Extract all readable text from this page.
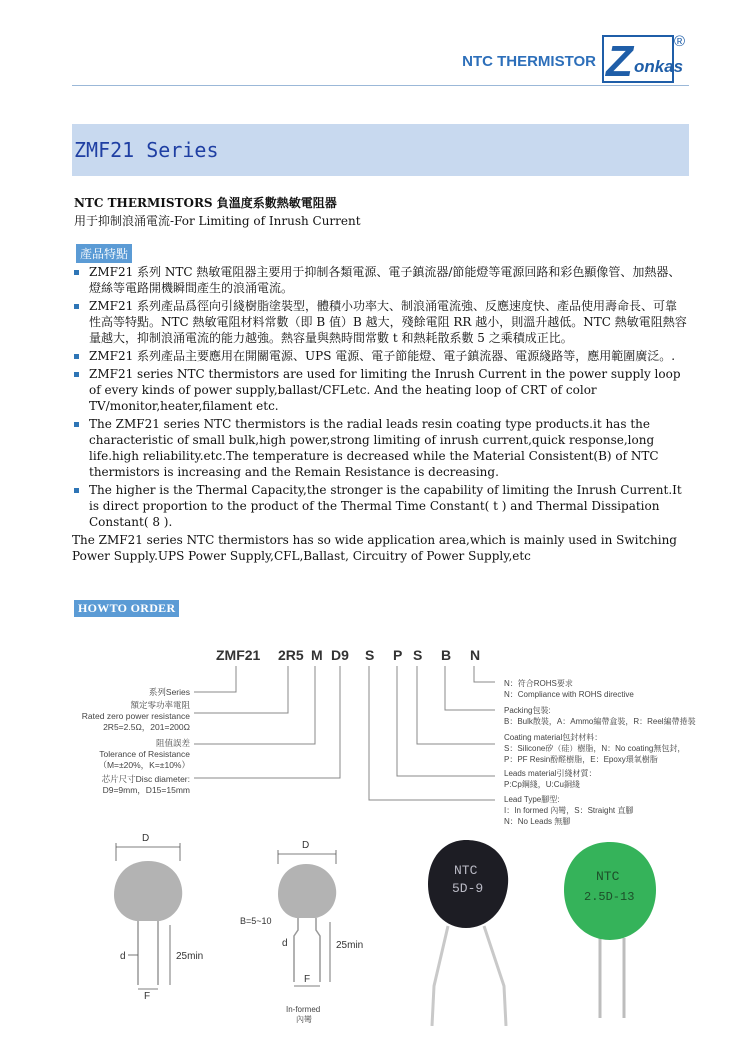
NTC THERMISTOR Z onkas
®
ZMF21 Series
NTC THERMISTORS 負溫度系數熱敏電阻器
用于抑制浪涌電流-For Limiting of Inrush Current
產品特點
ZMF21 系列 NTC 熱敏電阻器主要用于抑制各類電源、電子鎮流器/節能燈等電源回路和彩色顯像管、加熱器、燈絲等電路開機瞬間產生的浪涌電流。
ZMF21 系列產品爲徑向引綫樹脂塗裝型，體積小功率大、制浪涌電流強、反應速度快、產品使用壽命長、可靠性高等特點。NTC 熱敏電阻材料常數（即 B 值）B 越大，殘餘電阻 RR 越小，則溫升越低。NTC 熱敏電阻熱容量越大，抑制浪涌電流的能力越強。熱容量與熱時間常數 t 和熱耗散系數 5 之乘積成正比。
ZMF21 系列產品主要應用在開關電源、UPS 電源、電子節能燈、電子鎮流器、電源綫路等，應用範圍廣泛。.
ZMF21 series NTC thermistors are used for limiting the Inrush Current in the power supply loop of every kinds of power supply,ballast/CFLetc. And the heating loop of CRT of color TV/monitor,heater,filament etc.
The ZMF21 series NTC thermistors is the radial leads resin coating type products.it has the characteristic of small bulk,high power,strong limiting of inrush current,quick response,long life.high reliability.etc.The temperature is decreased while the Material Consistent(B) of NTC thermistors is increasing and the Remain Resistance is decreasing.
The higher is the Thermal Capacity,the stronger is the capability of limiting the Inrush Current.It is direct proportion to the product of the Thermal Time Constant( t ) and Thermal Dissipation Constant( 8 ).
The ZMF21 series NTC thermistors has so wide application area,which is mainly used in Switching Power Supply.UPS Power Supply,CFL,Ballast, Circuitry of Power Supply,etc
HOWTO ORDER
ZMF21 2R5 M D9 S P S B N
系列Series
額定零功率電阻
Rated zero power resistance
2R5=2.5Ω，201=200Ω
阻值誤差
Tolerance of Resistance
（M=±20%，K=±10%）
芯片尺寸Disc diameter:
D9=9mm，D15=15mm
N：符合ROHS要求
N：Compliance with ROHS directive
Packing包裝:
B：Bulk散裝，A：Ammo編帶盒裝，R：Reel編帶捲裝
Coating material包封材料：
S：Silicone矽（硅）樹脂，N：No coating無包封，
P：PF Resin酚醛樹脂，E：Epoxy環氧樹脂
Leads material引綫材質：
P:Cp鋼綫，U:Cu銅綫
Lead Type腳型:
I：In formed 內彎，S：Straight 直腳
N：No Leads 無腳
D
25min
d
F
D
B=5~10
25min
d
F
In-formed
內彎
NTC
5D-9
NTC
2.5D-13
